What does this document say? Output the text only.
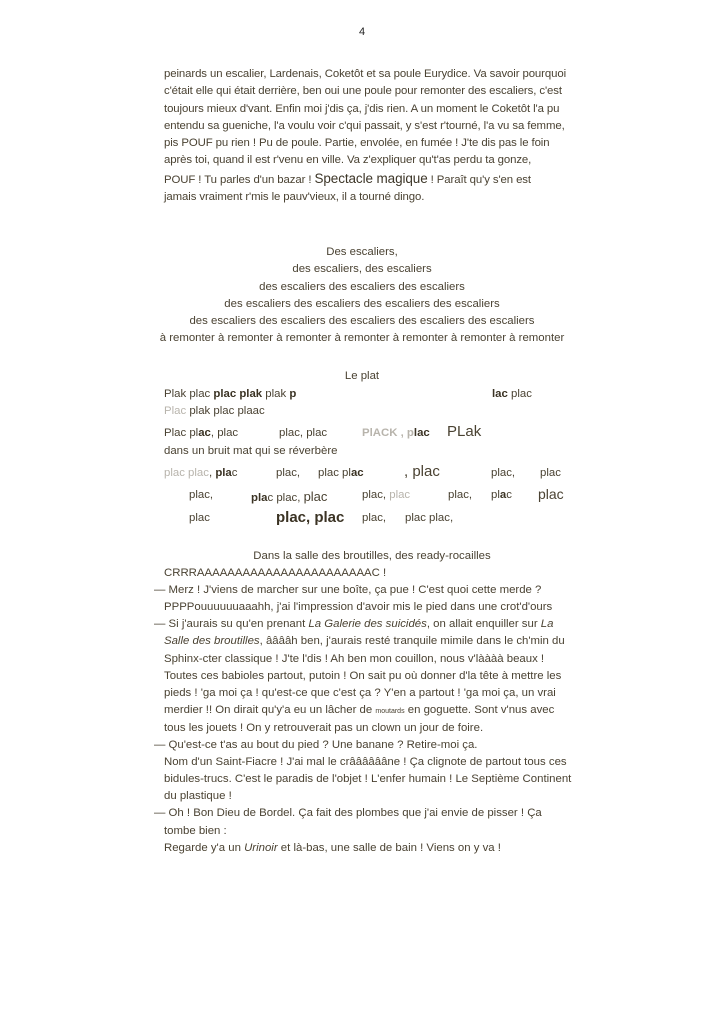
4

peinards un escalier, Lardenais, Coketôt et sa poule Eurydice. Va savoir pourquoi

c'était elle qui était derrière, ben oui une poule pour remonter des escaliers, c'est

toujours mieux d'vant. Enfin moi j'dis ça, j'dis rien. A un moment le Coketôt l'a pu

entendu sa gueniche, l'a voulu voir c'qui passait, y s'est r'tourné, l'a vu sa femme,

pis POUF pu rien ! Pu de poule. Partie, envolée, en fumée ! J'te dis pas le foin

après toi, quand il est r'venu en ville. Va z'expliquer qu't'as perdu ta gonze,

POUF ! Tu parles d'un bazar ! Spectacle magique ! Paraît qu'y s'en est

jamais vraiment r'mis le pauv'vieux, il a tourné dingo.

Des escaliers,

des escaliers, des escaliers

des escaliers des escaliers des escaliers

des escaliers des escaliers des escaliers des escaliers

des escaliers des escaliers des escaliers des escaliers des escaliers

à remonter à remonter à remonter à remonter à remonter à remonter à remonter

Le plat
Plak plac plac plak plak p	lac plac
Plac plak plac plaac
Plac plac, plac	plac, plac	PlACK , plac PLak
dans un bruit mat qui se réverbère
plac plac, plac	plac, plac plac	, plac	plac, plac
plac,	plac plac, plac	plac, plac	plac, plac plac
plac	plac, plac plac, plac plac,

Dans la salle des broutilles, des ready-rocailles

CRRRAAAAAAAAAAAAAAAAAAAAAAAC !

— Merz ! J'viens de marcher sur une boîte, ça pue ! C'est quoi cette merde ?

PPPPouuuuuuaaahh, j'ai l'impression d'avoir mis le pied dans une crot'd'ours

— Si j'aurais su qu'en prenant La Galerie des suicidés, on allait enquiller sur La

Salle des broutilles, ââââh ben, j'aurais resté tranquile mimile dans le ch'min du

Sphinx-cter classique ! J'te l'dis ! Ah ben mon couillon, nous v'làààà beaux !

Toutes ces babioles partout, putoin ! On sait pu où donner d'la tête à mettre les

pieds ! 'ga moi ça ! qu'est-ce que c'est ça ? Y'en a partout ! 'ga moi ça, un vrai

merdier !! On dirait qu'y'a eu un lâcher de moutards en goguette. Sont v'nus avec

tous les jouets ! On y retrouverait pas un clown un jour de foire.

— Qu'est-ce t'as au bout du pied ? Une banane ? Retire-moi ça.

Nom d'un Saint-Fiacre ! J'ai mal le crââââââne ! Ça clignote de partout tous ces

bidules-trucs. C'est le paradis de l'objet ! L'enfer humain ! Le Septième Continent

du plastique !

— Oh ! Bon Dieu de Bordel. Ça fait des plombes que j'ai envie de pisser ! Ça

tombe bien :

Regarde y'a un Urinoir et là-bas, une salle de bain ! Viens on y va !
